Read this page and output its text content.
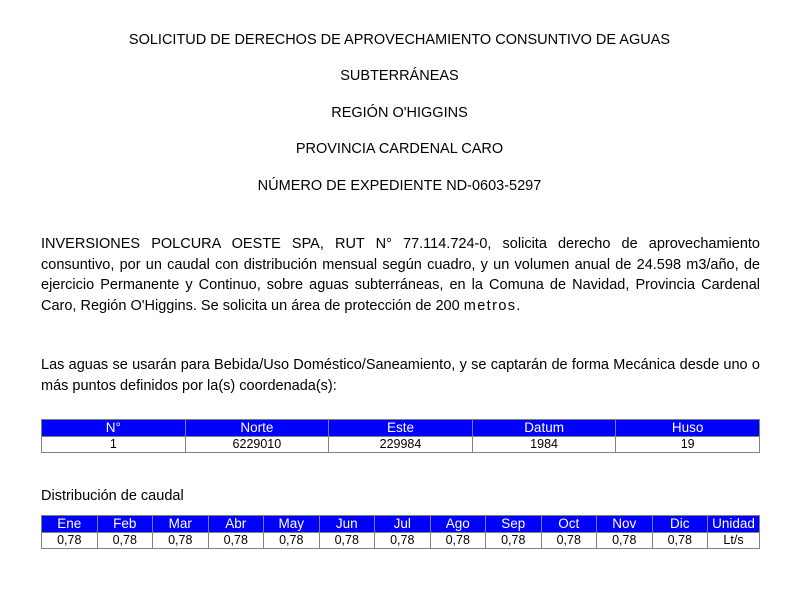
SOLICITUD DE DERECHOS DE APROVECHAMIENTO CONSUNTIVO DE AGUAS
SUBTERRÁNEAS
REGIÓN O'HIGGINS
PROVINCIA CARDENAL CARO
NÚMERO DE EXPEDIENTE ND-0603-5297
INVERSIONES POLCURA OESTE SPA, RUT N° 77.114.724-0, solicita derecho de aprovechamiento consuntivo, por un caudal con distribución mensual según cuadro, y un volumen anual de 24.598 m3/año, de ejercicio Permanente y Continuo, sobre aguas subterráneas, en la Comuna de Navidad, Provincia Cardenal Caro, Región O'Higgins. Se solicita un área de protección de 200 metros.
Las aguas se usarán para Bebida/Uso Doméstico/Saneamiento, y se captarán de forma Mecánica desde uno o más puntos definidos por la(s) coordenada(s):
N°	Norte	Este	Datum	Huso
1	6229010	229984	1984	19
Distribución de caudal
Ene	Feb	Mar	Abr	May	Jun	Jul	Ago	Sep	Oct	Nov	Dic	Unidad
0,78	0,78	0,78	0,78	0,78	0,78	0,78	0,78	0,78	0,78	0,78	0,78	Lt/s
